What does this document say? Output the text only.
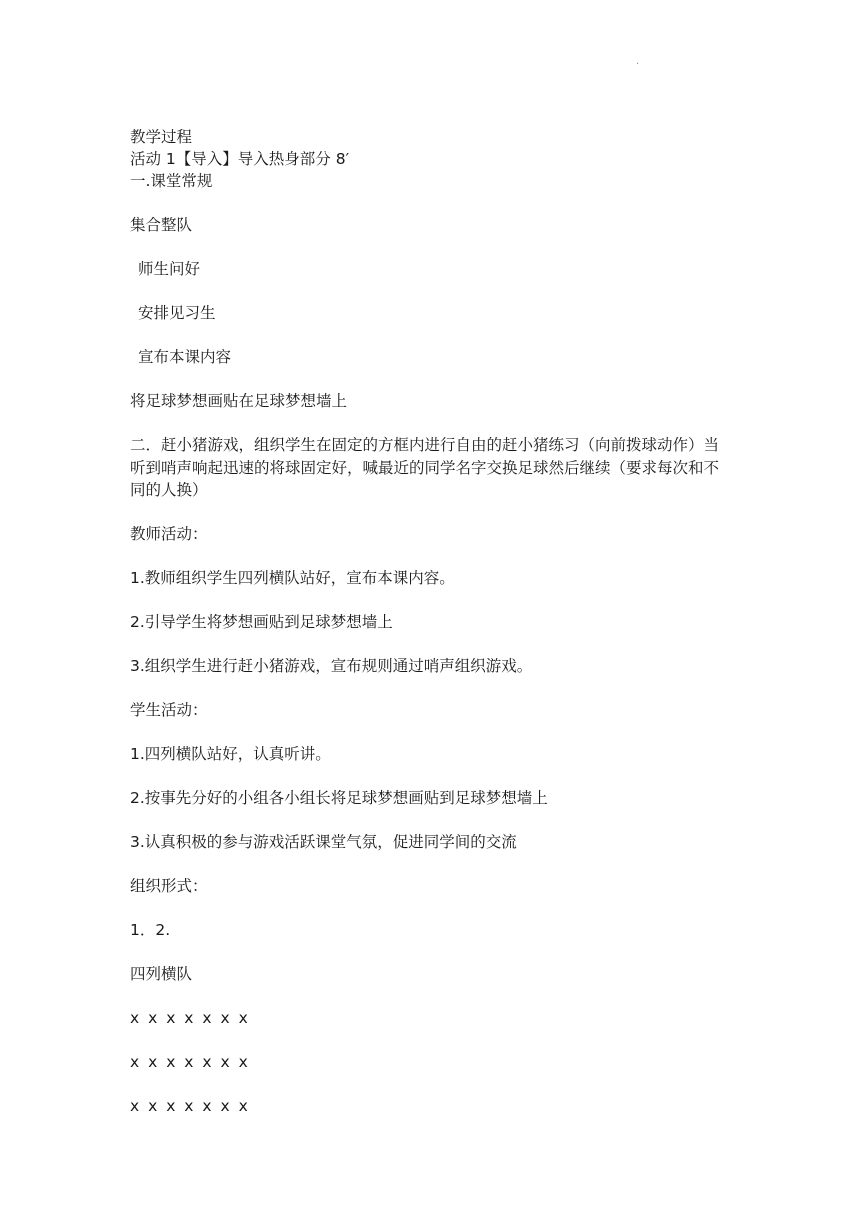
.
教学过程
活动 1【导入】导入热身部分 8′
一.课堂常规
集合整队
师生问好
安排见习生
宣布本课内容
将足球梦想画贴在足球梦想墙上
二．赶小猪游戏，组织学生在固定的方框内进行自由的赶小猪练习（向前拨球动作）当听到哨声响起迅速的将球固定好，喊最近的同学名字交换足球然后继续（要求每次和不同的人换）
教师活动：
1.教师组织学生四列横队站好，宣布本课内容。
2.引导学生将梦想画贴到足球梦想墙上
3.组织学生进行赶小猪游戏，宣布规则通过哨声组织游戏。
学生活动：
1.四列横队站好，认真听讲。
2.按事先分好的小组各小组长将足球梦想画贴到足球梦想墙上
3.认真积极的参与游戏活跃课堂气氛，促进同学间的交流
组织形式：
1．2.
四列横队
x x x x x x x
x x x x x x x
x x x x x x x
